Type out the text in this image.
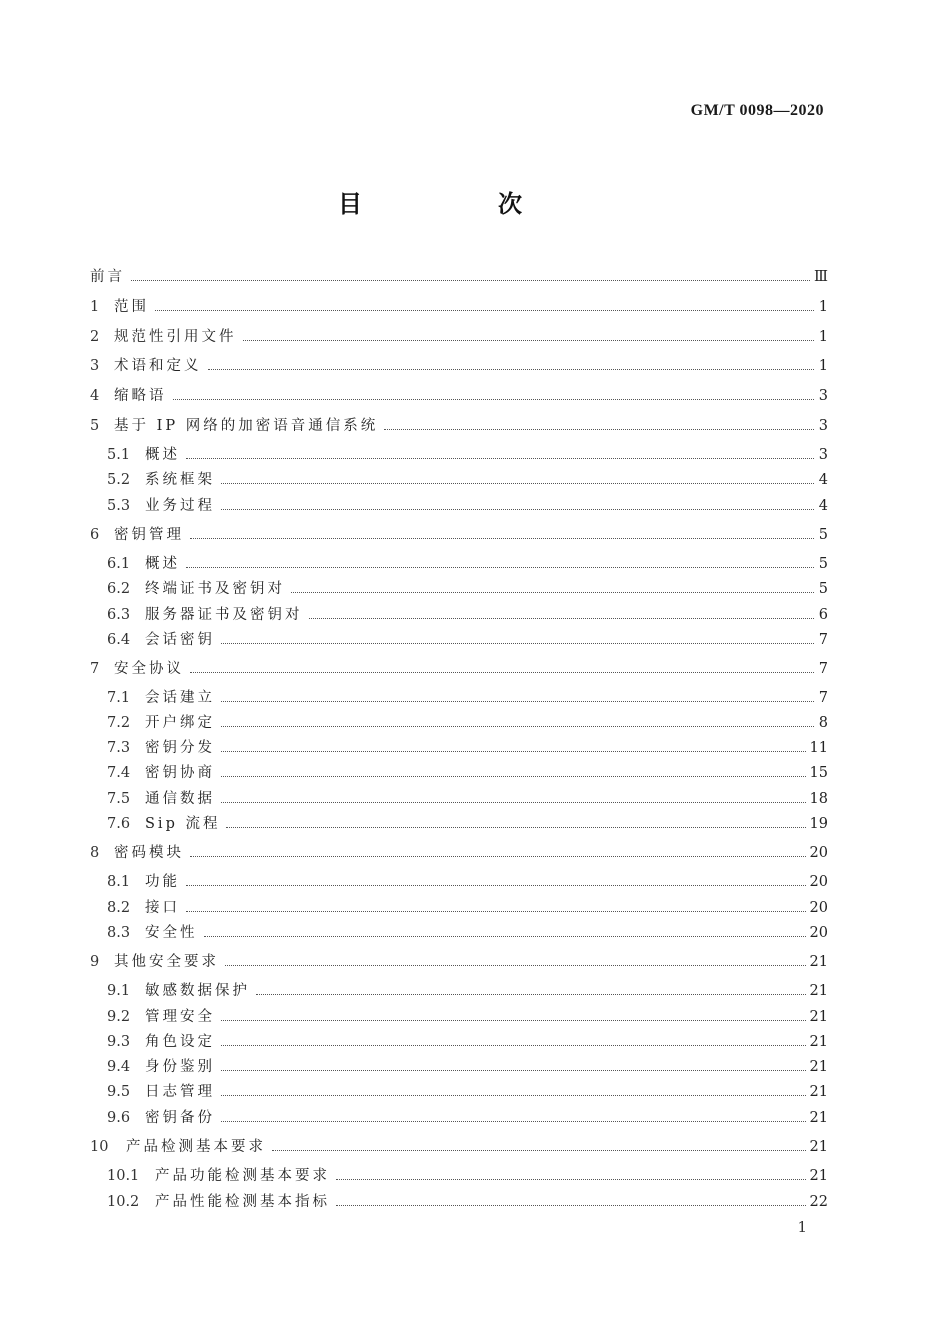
GM/T 0098—2020
目　次
前言	Ⅲ
1	范围	1
2	规范性引用文件	1
3	术语和定义	1
4	缩略语	3
5	基于 IP 网络的加密语音通信系统	3
5.1	概述	3
5.2	系统框架	4
5.3	业务过程	4
6	密钥管理	5
6.1	概述	5
6.2	终端证书及密钥对	5
6.3	服务器证书及密钥对	6
6.4	会话密钥	7
7	安全协议	7
7.1	会话建立	7
7.2	开户绑定	8
7.3	密钥分发	11
7.4	密钥协商	15
7.5	通信数据	18
7.6	Sip 流程	19
8	密码模块	20
8.1	功能	20
8.2	接口	20
8.3	安全性	20
9	其他安全要求	21
9.1	敏感数据保护	21
9.2	管理安全	21
9.3	角色设定	21
9.4	身份鉴别	21
9.5	日志管理	21
9.6	密钥备份	21
10	产品检测基本要求	21
10.1	产品功能检测基本要求	21
10.2	产品性能检测基本指标	22
1
